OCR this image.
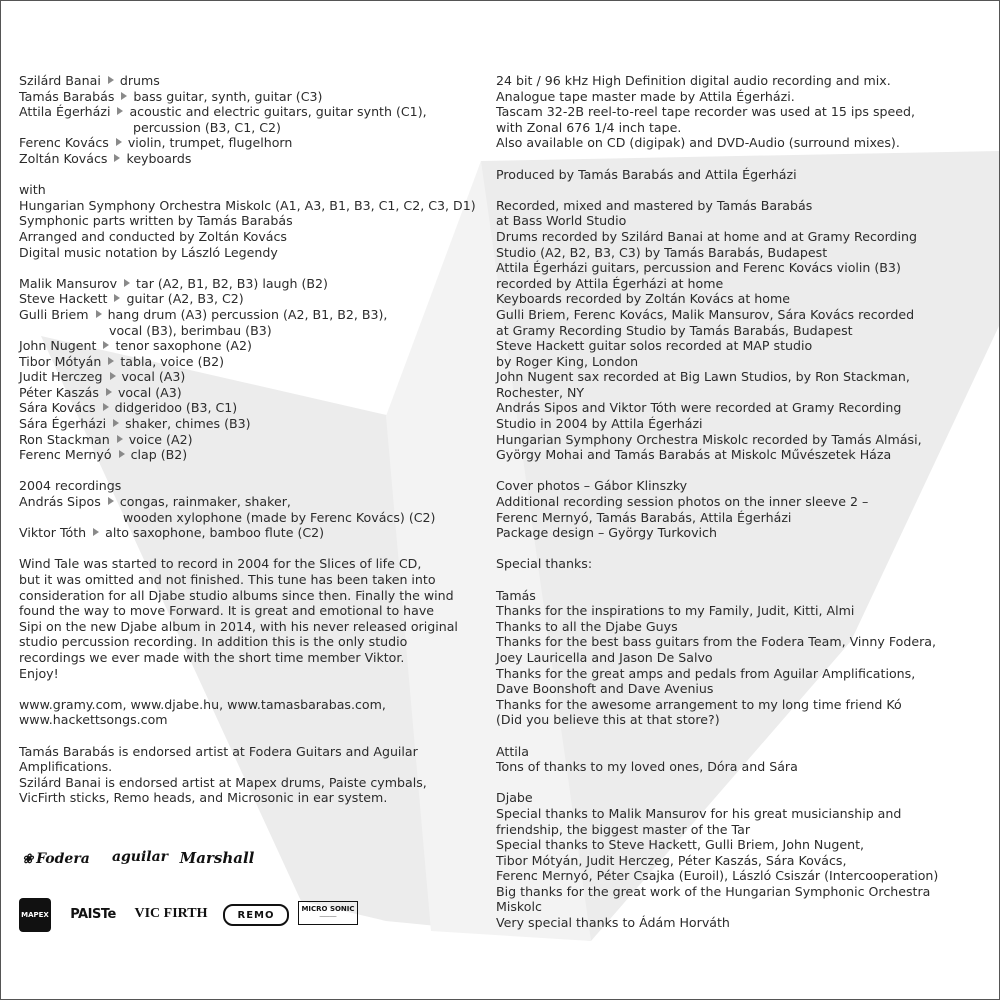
Szilárd Banai drums
Tamás Barabás bass guitar, synth, guitar (C3)
Attila Égerházi acoustic and electric guitars, guitar synth (C1),
percussion (B3, C1, C2)
Ferenc Kovács violin, trumpet, flugelhorn
Zoltán Kovács keyboards
with
Hungarian Symphony Orchestra Miskolc (A1, A3, B1, B3, C1, C2, C3, D1)
Symphonic parts written by Tamás Barabás
Arranged and conducted by Zoltán Kovács
Digital music notation by László Legendy
Malik Mansurov tar (A2, B1, B2, B3) laugh (B2)
Steve Hackett guitar (A2, B3, C2)
Gulli Briem hang drum (A3) percussion (A2, B1, B2, B3),
vocal (B3), berimbau (B3)
John Nugent tenor saxophone (A2)
Tibor Mótyán tabla, voice (B2)
Judit Herczeg vocal (A3)
Péter Kaszás vocal (A3)
Sára Kovács didgeridoo (B3, C1)
Sára Égerházi shaker, chimes (B3)
Ron Stackman voice (A2)
Ferenc Mernyó clap (B2)
2004 recordings
András Sipos congas, rainmaker, shaker,
wooden xylophone (made by Ferenc Kovács) (C2)
Viktor Tóth alto saxophone, bamboo flute (C2)
Wind Tale was started to record in 2004 for the Slices of life CD,
but it was omitted and not finished. This tune has been taken into
consideration for all Djabe studio albums since then. Finally the wind
found the way to move Forward. It is great and emotional to have
Sipi on the new Djabe album in 2014, with his never released original
studio percussion recording. In addition this is the only studio
recordings we ever made with the short time member Viktor.
Enjoy!
www.gramy.com, www.djabe.hu, www.tamasbarabas.com,
www.hackettsongs.com
Tamás Barabás is endorsed artist at Fodera Guitars and Aguilar
Amplifications.
Szilárd Banai is endorsed artist at Mapex drums, Paiste cymbals,
VicFirth sticks, Remo heads, and Microsonic in ear system.
❀ Fodera aguilar Marshall
MAPEX PAISTe VIC FIRTH	REMO
MICRO SONIC
───────
24 bit / 96 kHz High Definition digital audio recording and mix.
Analogue tape master made by Attila Égerházi.
Tascam 32-2B reel-to-reel tape recorder was used at 15 ips speed,
with Zonal 676 1/4 inch tape.
Also available on CD (digipak) and DVD-Audio (surround mixes).
Produced by Tamás Barabás and Attila Égerházi
Recorded, mixed and mastered by Tamás Barabás
at Bass World Studio
Drums recorded by Szilárd Banai at home and at Gramy Recording
Studio (A2, B2, B3, C3) by Tamás Barabás, Budapest
Attila Égerházi guitars, percussion and Ferenc Kovács violin (B3)
recorded by Attila Égerházi at home
Keyboards recorded by Zoltán Kovács at home
Gulli Briem, Ferenc Kovács, Malik Mansurov, Sára Kovács recorded
at Gramy Recording Studio by Tamás Barabás, Budapest
Steve Hackett guitar solos recorded at MAP studio
by Roger King, London
John Nugent sax recorded at Big Lawn Studios, by Ron Stackman,
Rochester, NY
András Sipos and Viktor Tóth were recorded at Gramy Recording
Studio in 2004 by Attila Égerházi
Hungarian Symphony Orchestra Miskolc recorded by Tamás Almási,
György Mohai and Tamás Barabás at Miskolc Művészetek Háza
Cover photos – Gábor Klinszky
Additional recording session photos on the inner sleeve 2 –
Ferenc Mernyó, Tamás Barabás, Attila Égerházi
Package design – György Turkovich
Special thanks:
Tamás
Thanks for the inspirations to my Family, Judit, Kitti, Almi
Thanks to all the Djabe Guys
Thanks for the best bass guitars from the Fodera Team, Vinny Fodera,
Joey Lauricella and Jason De Salvo
Thanks for the great amps and pedals from Aguilar Amplifications,
Dave Boonshoft and Dave Avenius
Thanks for the awesome arrangement to my long time friend Kó
(Did you believe this at that store?)
Attila
Tons of thanks to my loved ones, Dóra and Sára
Djabe
Special thanks to Malik Mansurov for his great musicianship and
friendship, the biggest master of the Tar
Special thanks to Steve Hackett, Gulli Briem, John Nugent,
Tibor Mótyán, Judit Herczeg, Péter Kaszás, Sára Kovács,
Ferenc Mernyó, Péter Csajka (Euroil), László Csiszár (Intercooperation)
Big thanks for the great work of the Hungarian Symphonic Orchestra
Miskolc
Very special thanks to Ádám Horváth
